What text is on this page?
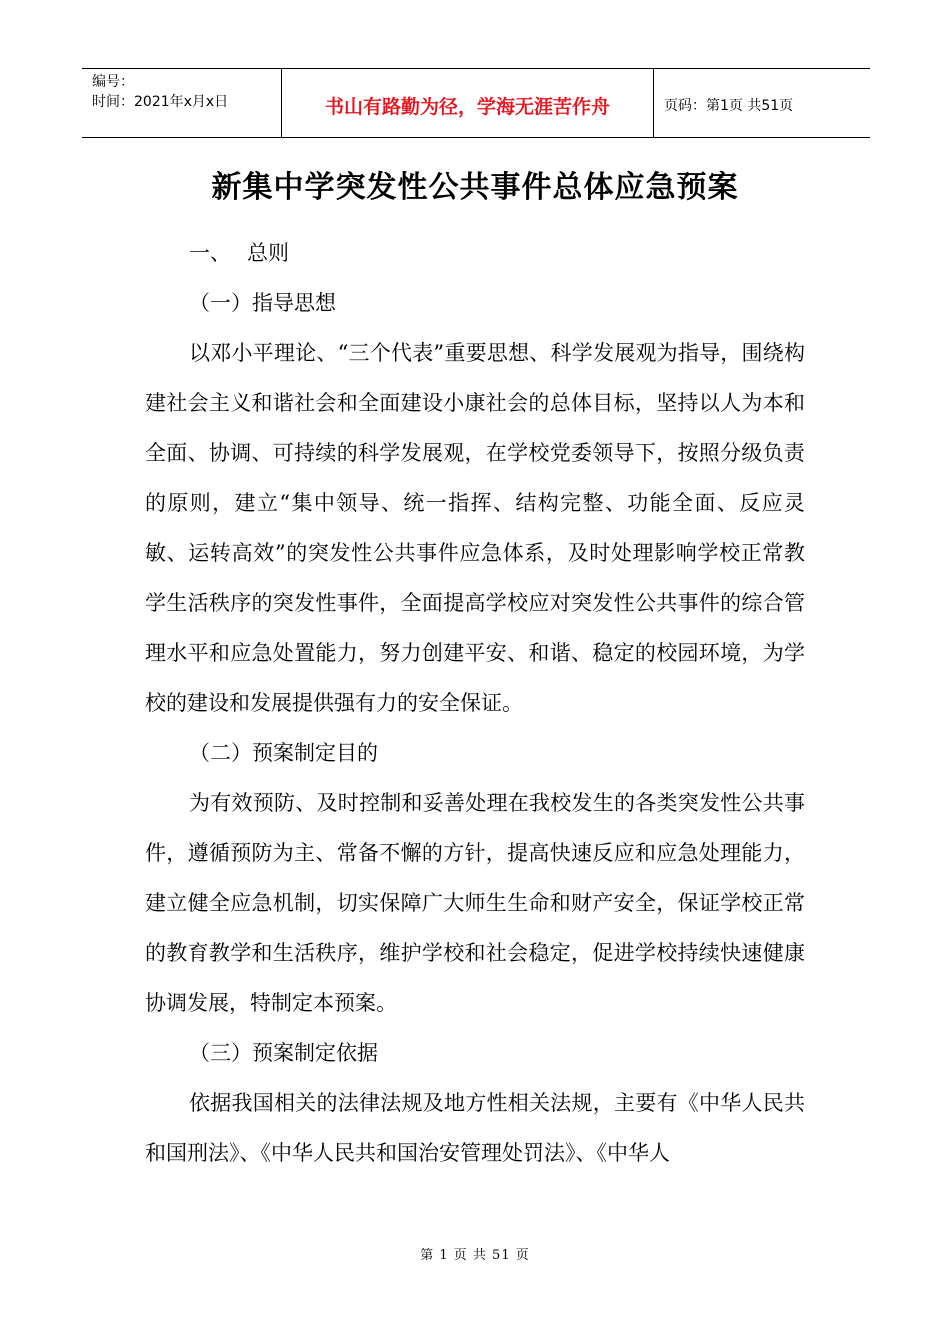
编号：
时间：2021年x月x日	书山有路勤为径，学海无涯苦作舟	页码：第1页 共51页
新集中学突发性公共事件总体应急预案

一、 总则

（一）指导思想

以邓小平理论、“三个代表”重要思想、科学发展观为指导，围绕构建社会主义和谐社会和全面建设小康社会的总体目标，坚持以人为本和全面、协调、可持续的科学发展观，在学校党委领导下，按照分级负责的原则，建立“集中领导、统一指挥、结构完整、功能全面、反应灵敏、运转高效”的突发性公共事件应急体系，及时处理影响学校正常教学生活秩序的突发性事件，全面提高学校应对突发性公共事件的综合管理水平和应急处置能力，努力创建平安、和谐、稳定的校园环境，为学校的建设和发展提供强有力的安全保证。

（二）预案制定目的

为有效预防、及时控制和妥善处理在我校发生的各类突发性公共事件，遵循预防为主、常备不懈的方针，提高快速反应和应急处理能力，建立健全应急机制，切实保障广大师生生命和财产安全，保证学校正常的教育教学和生活秩序，维护学校和社会稳定，促进学校持续快速健康协调发展，特制定本预案。

（三）预案制定依据

依据我国相关的法律法规及地方性相关法规，主要有《中华人民共和国刑法》、《中华人民共和国治安管理处罚法》、《中华人

第 1 页 共 51 页
